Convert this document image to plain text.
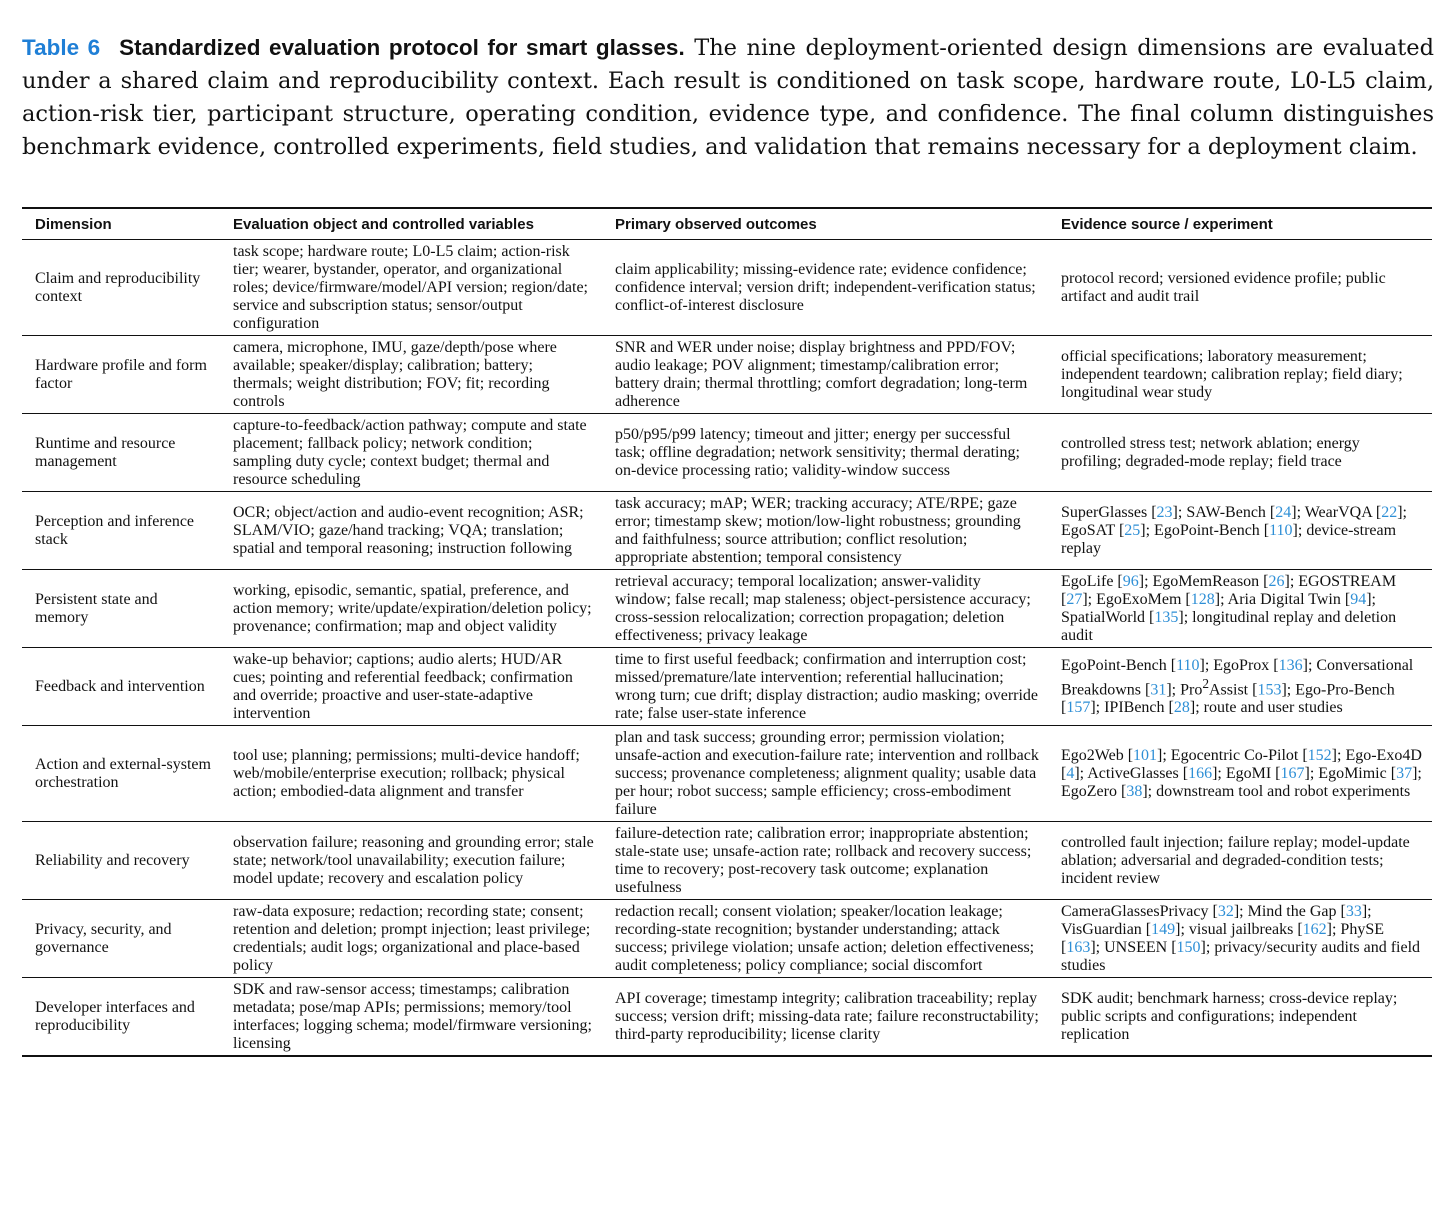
Table 6 Standardized evaluation protocol for smart glasses. The nine deployment-oriented design dimensions are evaluated under a shared claim and reproducibility context. Each result is conditioned on task scope, hardware route, L0-L5 claim, action-risk tier, participant structure, operating condition, evidence type, and confidence. The final column distinguishes benchmark evidence, controlled experiments, field studies, and validation that remains necessary for a deployment claim.

Dimension	Evaluation object and controlled variables	Primary observed outcomes	Evidence source / experiment
Claim and reproducibility context	task scope; hardware route; L0-L5 claim; action-risk tier; wearer, bystander, operator, and organizational roles; device/firmware/model/API version; region/date; service and subscription status; sensor/output configuration	claim applicability; missing-evidence rate; evidence confidence; confidence interval; version drift; independent-verification status; conflict-of-interest disclosure	protocol record; versioned evidence profile; public artifact and audit trail
Hardware profile and form factor	camera, microphone, IMU, gaze/depth/pose where available; speaker/display; calibration; battery; thermals; weight distribution; FOV; fit; recording controls	SNR and WER under noise; display brightness and PPD/FOV; audio leakage; POV alignment; timestamp/calibration error; battery drain; thermal throttling; comfort degradation; long-term adherence	official specifications; laboratory measurement; independent teardown; calibration replay; field diary; longitudinal wear study
Runtime and resource management	capture-to-feedback/action pathway; compute and state placement; fallback policy; network condition; sampling duty cycle; context budget; thermal and resource scheduling	p50/p95/p99 latency; timeout and jitter; energy per successful task; offline degradation; network sensitivity; thermal derating; on-device processing ratio; validity-window success	controlled stress test; network ablation; energy profiling; degraded-mode replay; field trace
Perception and inference stack	OCR; object/action and audio-event recognition; ASR; SLAM/VIO; gaze/hand tracking; VQA; translation; spatial and temporal reasoning; instruction following	task accuracy; mAP; WER; tracking accuracy; ATE/RPE; gaze error; timestamp skew; motion/low-light robustness; grounding and faithfulness; source attribution; conflict resolution; appropriate abstention; temporal consistency	SuperGlasses [23]; SAW-Bench [24]; WearVQA [22]; EgoSAT [25]; EgoPoint-Bench [110]; device-stream replay
Persistent state and memory	working, episodic, semantic, spatial, preference, and action memory; write/update/expiration/deletion policy; provenance; confirmation; map and object validity	retrieval accuracy; temporal localization; answer-validity window; false recall; map staleness; object-persistence accuracy; cross-session relocalization; correction propagation; deletion effectiveness; privacy leakage	EgoLife [96]; EgoMemReason [26]; EGOSTREAM [27]; EgoExoMem [128]; Aria Digital Twin [94]; SpatialWorld [135]; longitudinal replay and deletion audit
Feedback and intervention	wake-up behavior; captions; audio alerts; HUD/AR cues; pointing and referential feedback; confirmation and override; proactive and user-state-adaptive intervention	time to first useful feedback; confirmation and interruption cost; missed/premature/late intervention; referential hallucination; wrong turn; cue drift; display distraction; audio masking; override rate; false user-state inference	EgoPoint-Bench [110]; EgoProx [136]; Conversational Breakdowns [31]; Pro$^2$Assist [153]; Ego-Pro-Bench [157]; IPIBench [28]; route and user studies
Action and external-system orchestration	tool use; planning; permissions; multi-device handoff; web/mobile/enterprise execution; rollback; physical action; embodied-data alignment and transfer	plan and task success; grounding error; permission violation; unsafe-action and execution-failure rate; intervention and rollback success; provenance completeness; alignment quality; usable data per hour; robot success; sample efficiency; cross-embodiment failure	Ego2Web [101]; Egocentric Co-Pilot [152]; Ego-Exo4D [4]; ActiveGlasses [166]; EgoMI [167]; EgoMimic [37]; EgoZero [38]; downstream tool and robot experiments
Reliability and recovery	observation failure; reasoning and grounding error; stale state; network/tool unavailability; execution failure; model update; recovery and escalation policy	failure-detection rate; calibration error; inappropriate abstention; stale-state use; unsafe-action rate; rollback and recovery success; time to recovery; post-recovery task outcome; explanation usefulness	controlled fault injection; failure replay; model-update ablation; adversarial and degraded-condition tests; incident review
Privacy, security, and governance	raw-data exposure; redaction; recording state; consent; retention and deletion; prompt injection; least privilege; credentials; audit logs; organizational and place-based policy	redaction recall; consent violation; speaker/location leakage; recording-state recognition; bystander understanding; attack success; privilege violation; unsafe action; deletion effectiveness; audit completeness; policy compliance; social discomfort	CameraGlassesPrivacy [32]; Mind the Gap [33]; VisGuardian [149]; visual jailbreaks [162]; PhySE [163]; UNSEEN [150]; privacy/security audits and field studies
Developer interfaces and reproducibility	SDK and raw-sensor access; timestamps; calibration metadata; pose/map APIs; permissions; memory/tool interfaces; logging schema; model/firmware versioning; licensing	API coverage; timestamp integrity; calibration traceability; replay success; version drift; missing-data rate; failure reconstructability; third-party reproducibility; license clarity	SDK audit; benchmark harness; cross-device replay; public scripts and configurations; independent replication
